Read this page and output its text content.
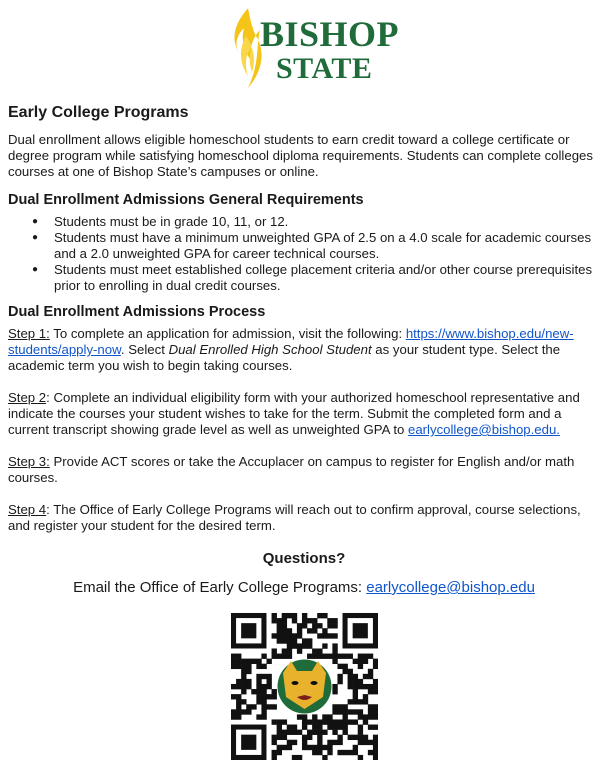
BISHOP
STATE
Early College Programs

Dual enrollment allows eligible homeschool students to earn credit toward a college certificate or degree program while satisfying homeschool diploma requirements. Students can complete colleges courses at one of Bishop State’s campuses or online.

Dual Enrollment Admissions General Requirements
● Students must be in grade 10, 11, or 12.
● Students must have a minimum unweighted GPA of 2.5 on a 4.0 scale for academic courses and a 2.0 unweighted GPA for career technical courses.
● Students must meet established college placement criteria and/or other course prerequisites prior to enrolling in dual credit courses.
Dual Enrollment Admissions Process

Step 1: To complete an application for admission, visit the following: https://www.bishop.edu/new-students/apply-now. Select Dual Enrolled High School Student as your student type. Select the academic term you wish to begin taking courses.

Step 2: Complete an individual eligibility form with your authorized homeschool representative and indicate the courses your student wishes to take for the term. Submit the completed form and a current transcript showing grade level as well as unweighted GPA to earlycollege@bishop.edu.

Step 3: Provide ACT scores or take the Accuplacer on campus to register for English and/or math courses.

Step 4: The Office of Early College Programs will reach out to confirm approval, course selections, and register your student for the desired term.

Questions?
Email the Office of Early College Programs: earlycollege@bishop.edu
